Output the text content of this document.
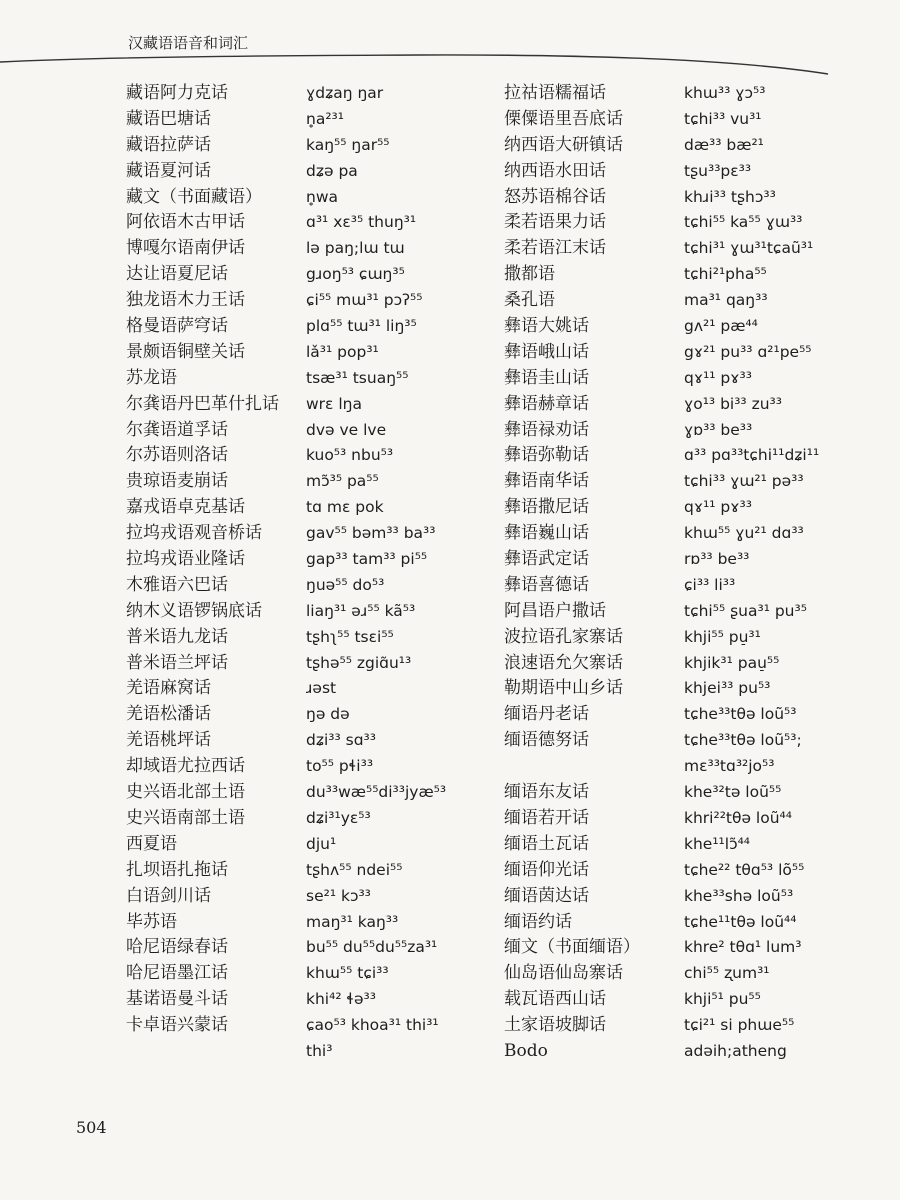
汉藏语语音和词汇
藏语阿力克话
藏语巴塘话
藏语拉萨话
藏语夏河话
藏文（书面藏语）
阿依语木古甲话
博嘎尔语南伊话
达让语夏尼话
独龙语木力王话
格曼语萨穹话
景颇语铜壁关话
苏龙语
尔龚语丹巴革什扎话
尔龚语道孚话
尔苏语则洛话
贵琼语麦崩话
嘉戎语卓克基话
拉坞戎语观音桥话
拉坞戎语业隆话
木雅语六巴话
纳木义语锣锅底话
普米语九龙话
普米语兰坪话
羌语麻窝话
羌语松潘话
羌语桃坪话
却域语尤拉西话
史兴语北部土语
史兴语南部土语
西夏语
扎坝语扎拖话
白语剑川话
毕苏语
哈尼语绿春话
哈尼语墨江话
基诺语曼斗话
卡卓语兴蒙话
ɣdʑaŋ ŋar
n̥a²³¹
kaŋ⁵⁵ ŋar⁵⁵
dʑə pa
n̥wa
ɑ³¹ xɛ³⁵ thuŋ³¹
lə paŋ;lɯ tɯ
gɹoŋ⁵³ ɕɯŋ³⁵
ɕi⁵⁵ mɯ³¹ pɔʔ⁵⁵
plɑ⁵⁵ tɯ³¹ liŋ³⁵
lǎ³¹ pop³¹
tsæ³¹ tsuaŋ⁵⁵
wrɛ lŋa
dvə ve lve
kuo⁵³ nbu⁵³
mɔ̃³⁵ pa⁵⁵
tɑ mɛ pok
gav⁵⁵ bəm³³ ba³³
gap³³ tam³³ pi⁵⁵
ŋuə⁵⁵ do⁵³
liaŋ³¹ əɹ⁵⁵ kã⁵³
tʂhʅ⁵⁵ tsɛi⁵⁵
tʂhə⁵⁵ zgiɑ̃u¹³
ɹəst
ŋə də
dʑi³³ sɑ³³
to⁵⁵ pɬi³³
du³³wæ⁵⁵di³³jyæ⁵³
dʑi³¹yɛ⁵³
dju¹
tʂhʌ⁵⁵ ndei⁵⁵
se²¹ kɔ³³
maŋ³¹ kaŋ³³
bu⁵⁵ du⁵⁵du⁵⁵za³¹
khɯ⁵⁵ tɕi³³
khi⁴² ɬə³³
ɕao⁵³ khoa³¹ thi³¹
thi³
拉祜语糯福话
傈僳语里吾底话
纳西语大研镇话
纳西语水田话
怒苏语棉谷话
柔若语果力话
柔若语江末话
撒都语
桑孔语
彝语大姚话
彝语峨山话
彝语圭山话
彝语赫章话
彝语禄劝话
彝语弥勒话
彝语南华话
彝语撒尼话
彝语巍山话
彝语武定话
彝语喜德话
阿昌语户撒话
波拉语孔家寨话
浪速语允欠寨话
勒期语中山乡话
缅语丹老话
缅语德努话
缅语东友话
缅语若开话
缅语土瓦话
缅语仰光话
缅语茵达话
缅语约话
缅文（书面缅语）
仙岛语仙岛寨话
载瓦语西山话
土家语坡脚话
Bodo
khɯ³³ ɣɔ⁵³
tɕhi³³ vu³¹
dæ³³ bæ²¹
tʂu³³pɛ³³
khɹi³³ tʂhɔ³³
tɕhi⁵⁵ ka⁵⁵ ɣɯ³³
tɕhi³¹ ɣɯ³¹tɕaũ³¹
tɕhi²¹pha⁵⁵
ma³¹ qaŋ³³
gʌ²¹ pæ⁴⁴
gɤ²¹ pu³³ ɑ²¹pe⁵⁵
qɤ¹¹ pɤ³³
ɣo¹³ bi³³ zu³³
ɣɒ³³ be³³
ɑ³³ pɑ³³tɕhi¹¹dʑi¹¹
tɕhi³³ ɣɯ²¹ pə³³
qɤ¹¹ pɤ³³
khɯ⁵⁵ ɣu²¹ dɑ³³
rɒ³³ be³³
ɕi³³ li³³
tɕhi⁵⁵ ʂua³¹ pu³⁵
khji⁵⁵ pu̠³¹
khjik³¹ pau̠⁵⁵
khjei³³ pu⁵³
tɕhe³³tθə loũ⁵³
tɕhe³³tθə loũ⁵³;
mɛ³³tɑ³²jo⁵³
khe³²tə loũ⁵⁵
khri²²tθə loũ⁴⁴
khe¹¹lɔ̃⁴⁴
tɕhe²² tθɑ⁵³ lõ⁵⁵
khe³³shə loũ⁵³
tɕhe¹¹tθə loũ⁴⁴
khre² tθɑ¹ lum³
chi⁵⁵ ʐum³¹
khji⁵¹ pu⁵⁵
tɕi²¹ si phɯe⁵⁵
adəih;atheng
504
